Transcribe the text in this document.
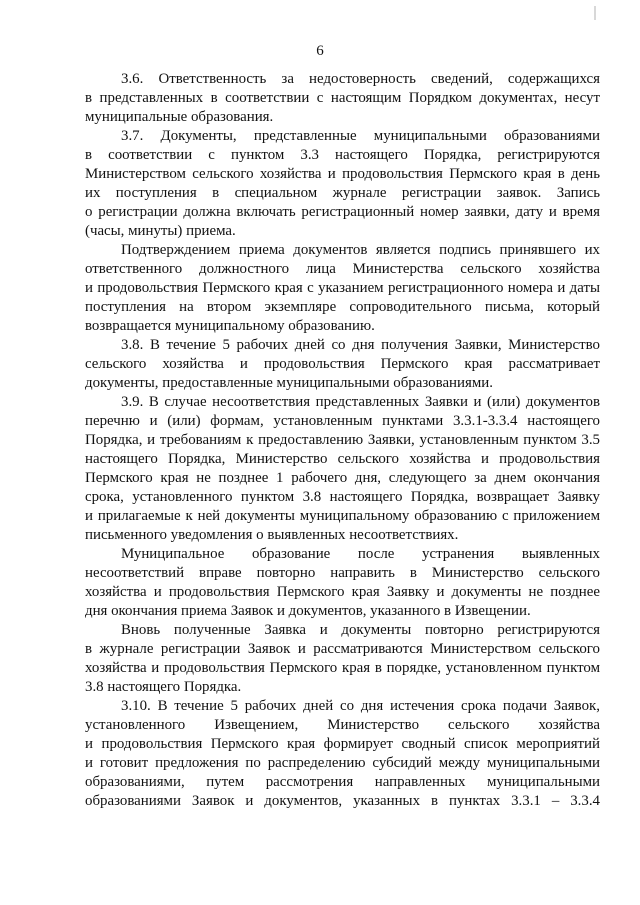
6
3.6. Ответственность за недостоверность сведений, содержащихся
в представленных в соответствии с настоящим Порядком документах, несут
муниципальные образования.
3.7. Документы, представленные муниципальными образованиями
в соответствии с пунктом 3.3 настоящего Порядка, регистрируются
Министерством сельского хозяйства и продовольствия Пермского края в день
их поступления в специальном журнале регистрации заявок. Запись
о регистрации должна включать регистрационный номер заявки, дату и время
(часы, минуты) приема.
Подтверждением приема документов является подпись принявшего их
ответственного должностного лица Министерства сельского хозяйства
и продовольствия Пермского края с указанием регистрационного номера и даты
поступления на втором экземпляре сопроводительного письма, который
возвращается муниципальному образованию.
3.8. В течение 5 рабочих дней со дня получения Заявки, Министерство
сельского хозяйства и продовольствия Пермского края рассматривает
документы, предоставленные муниципальными образованиями.
3.9. В случае несоответствия представленных Заявки и (или) документов
перечню и (или) формам, установленным пунктами 3.3.1-3.3.4 настоящего
Порядка, и требованиям к предоставлению Заявки, установленным пунктом 3.5
настоящего Порядка, Министерство сельского хозяйства и продовольствия
Пермского края не позднее 1 рабочего дня, следующего за днем окончания
срока, установленного пунктом 3.8 настоящего Порядка, возвращает Заявку
и прилагаемые к ней документы муниципальному образованию с приложением
письменного уведомления о выявленных несоответствиях.
Муниципальное образование после устранения выявленных
несоответствий вправе повторно направить в Министерство сельского
хозяйства и продовольствия Пермского края Заявку и документы не позднее
дня окончания приема Заявок и документов, указанного в Извещении.
Вновь полученные Заявка и документы повторно регистрируются
в журнале регистрации Заявок и рассматриваются Министерством сельского
хозяйства и продовольствия Пермского края в порядке, установленном пунктом
3.8 настоящего Порядка.
3.10. В течение 5 рабочих дней со дня истечения срока подачи Заявок,
установленного Извещением, Министерство сельского хозяйства
и продовольствия Пермского края формирует сводный список мероприятий
и готовит предложения по распределению субсидий между муниципальными
образованиями, путем рассмотрения направленных муниципальными
образованиями Заявок и документов, указанных в пунктах 3.3.1 – 3.3.4
